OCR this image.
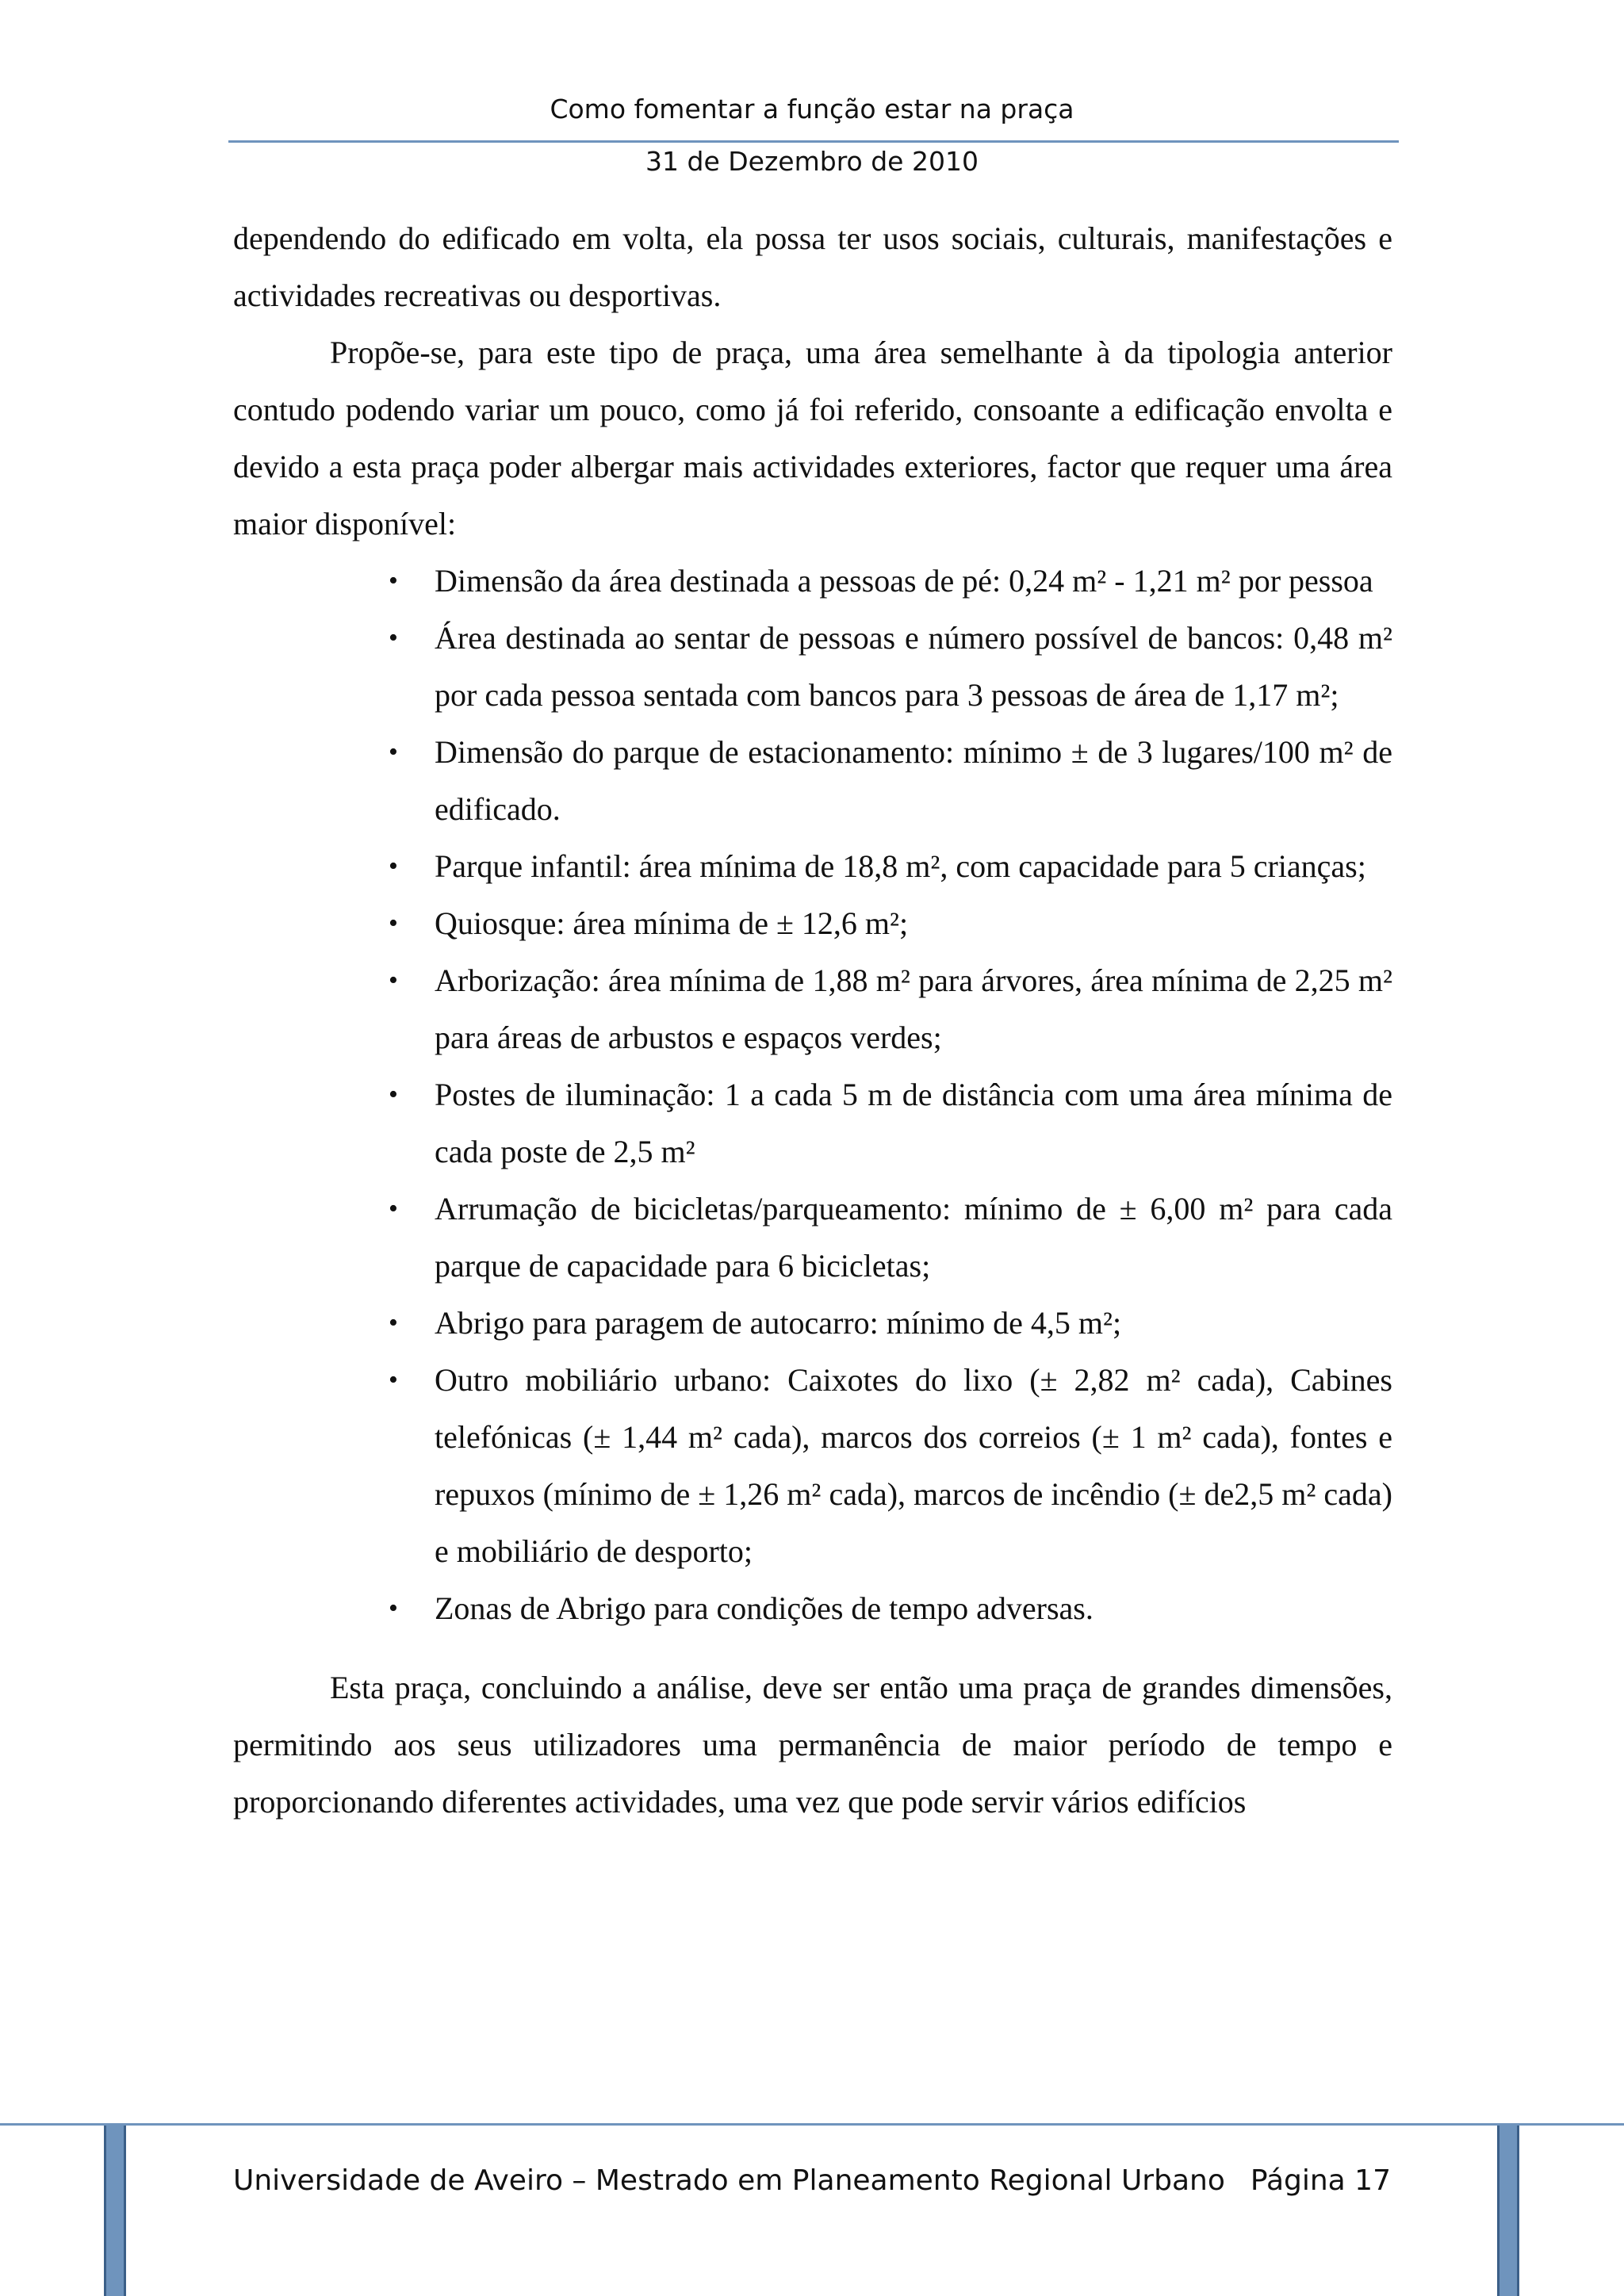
Como fomentar a função estar na praça
31 de Dezembro de 2010

dependendo do edificado em volta, ela possa ter usos sociais, culturais, manifestações e actividades recreativas ou desportivas.

Propõe-se, para este tipo de praça, uma área semelhante à da tipologia anterior contudo podendo variar um pouco, como já foi referido, consoante a edificação envolta e devido a esta praça poder albergar mais actividades exteriores, factor que requer uma área maior disponível:

• Dimensão da área destinada a pessoas de pé: 0,24 m² - 1,21 m² por pessoa
• Área destinada ao sentar de pessoas e número possível de bancos: 0,48 m² por cada pessoa sentada com bancos para 3 pessoas de área de 1,17 m²;
• Dimensão do parque de estacionamento: mínimo ± de 3 lugares/100 m² de edificado.
• Parque infantil: área mínima de 18,8 m², com capacidade para 5 crianças;
• Quiosque: área mínima de ± 12,6 m²;
• Arborização: área mínima de 1,88 m² para árvores, área mínima de 2,25 m² para áreas de arbustos e espaços verdes;
• Postes de iluminação: 1 a cada 5 m de distância com uma área mínima de cada poste de 2,5 m²
• Arrumação de bicicletas/parqueamento: mínimo de ± 6,00 m² para cada parque de capacidade para 6 bicicletas;
• Abrigo para paragem de autocarro: mínimo de 4,5 m²;
• Outro mobiliário urbano: Caixotes do lixo (± 2,82 m² cada), Cabines telefónicas (± 1,44 m² cada), marcos dos correios (± 1 m² cada), fontes e repuxos (mínimo de ± 1,26 m² cada), marcos de incêndio (± de2,5 m² cada) e mobiliário de desporto;
• Zonas de Abrigo para condições de tempo adversas.

Esta praça, concluindo a análise, deve ser então uma praça de grandes dimensões, permitindo aos seus utilizadores uma permanência de maior período de tempo e proporcionando diferentes actividades, uma vez que pode servir vários edifícios

Universidade de Aveiro – Mestrado em Planeamento Regional Urbano Página 17
